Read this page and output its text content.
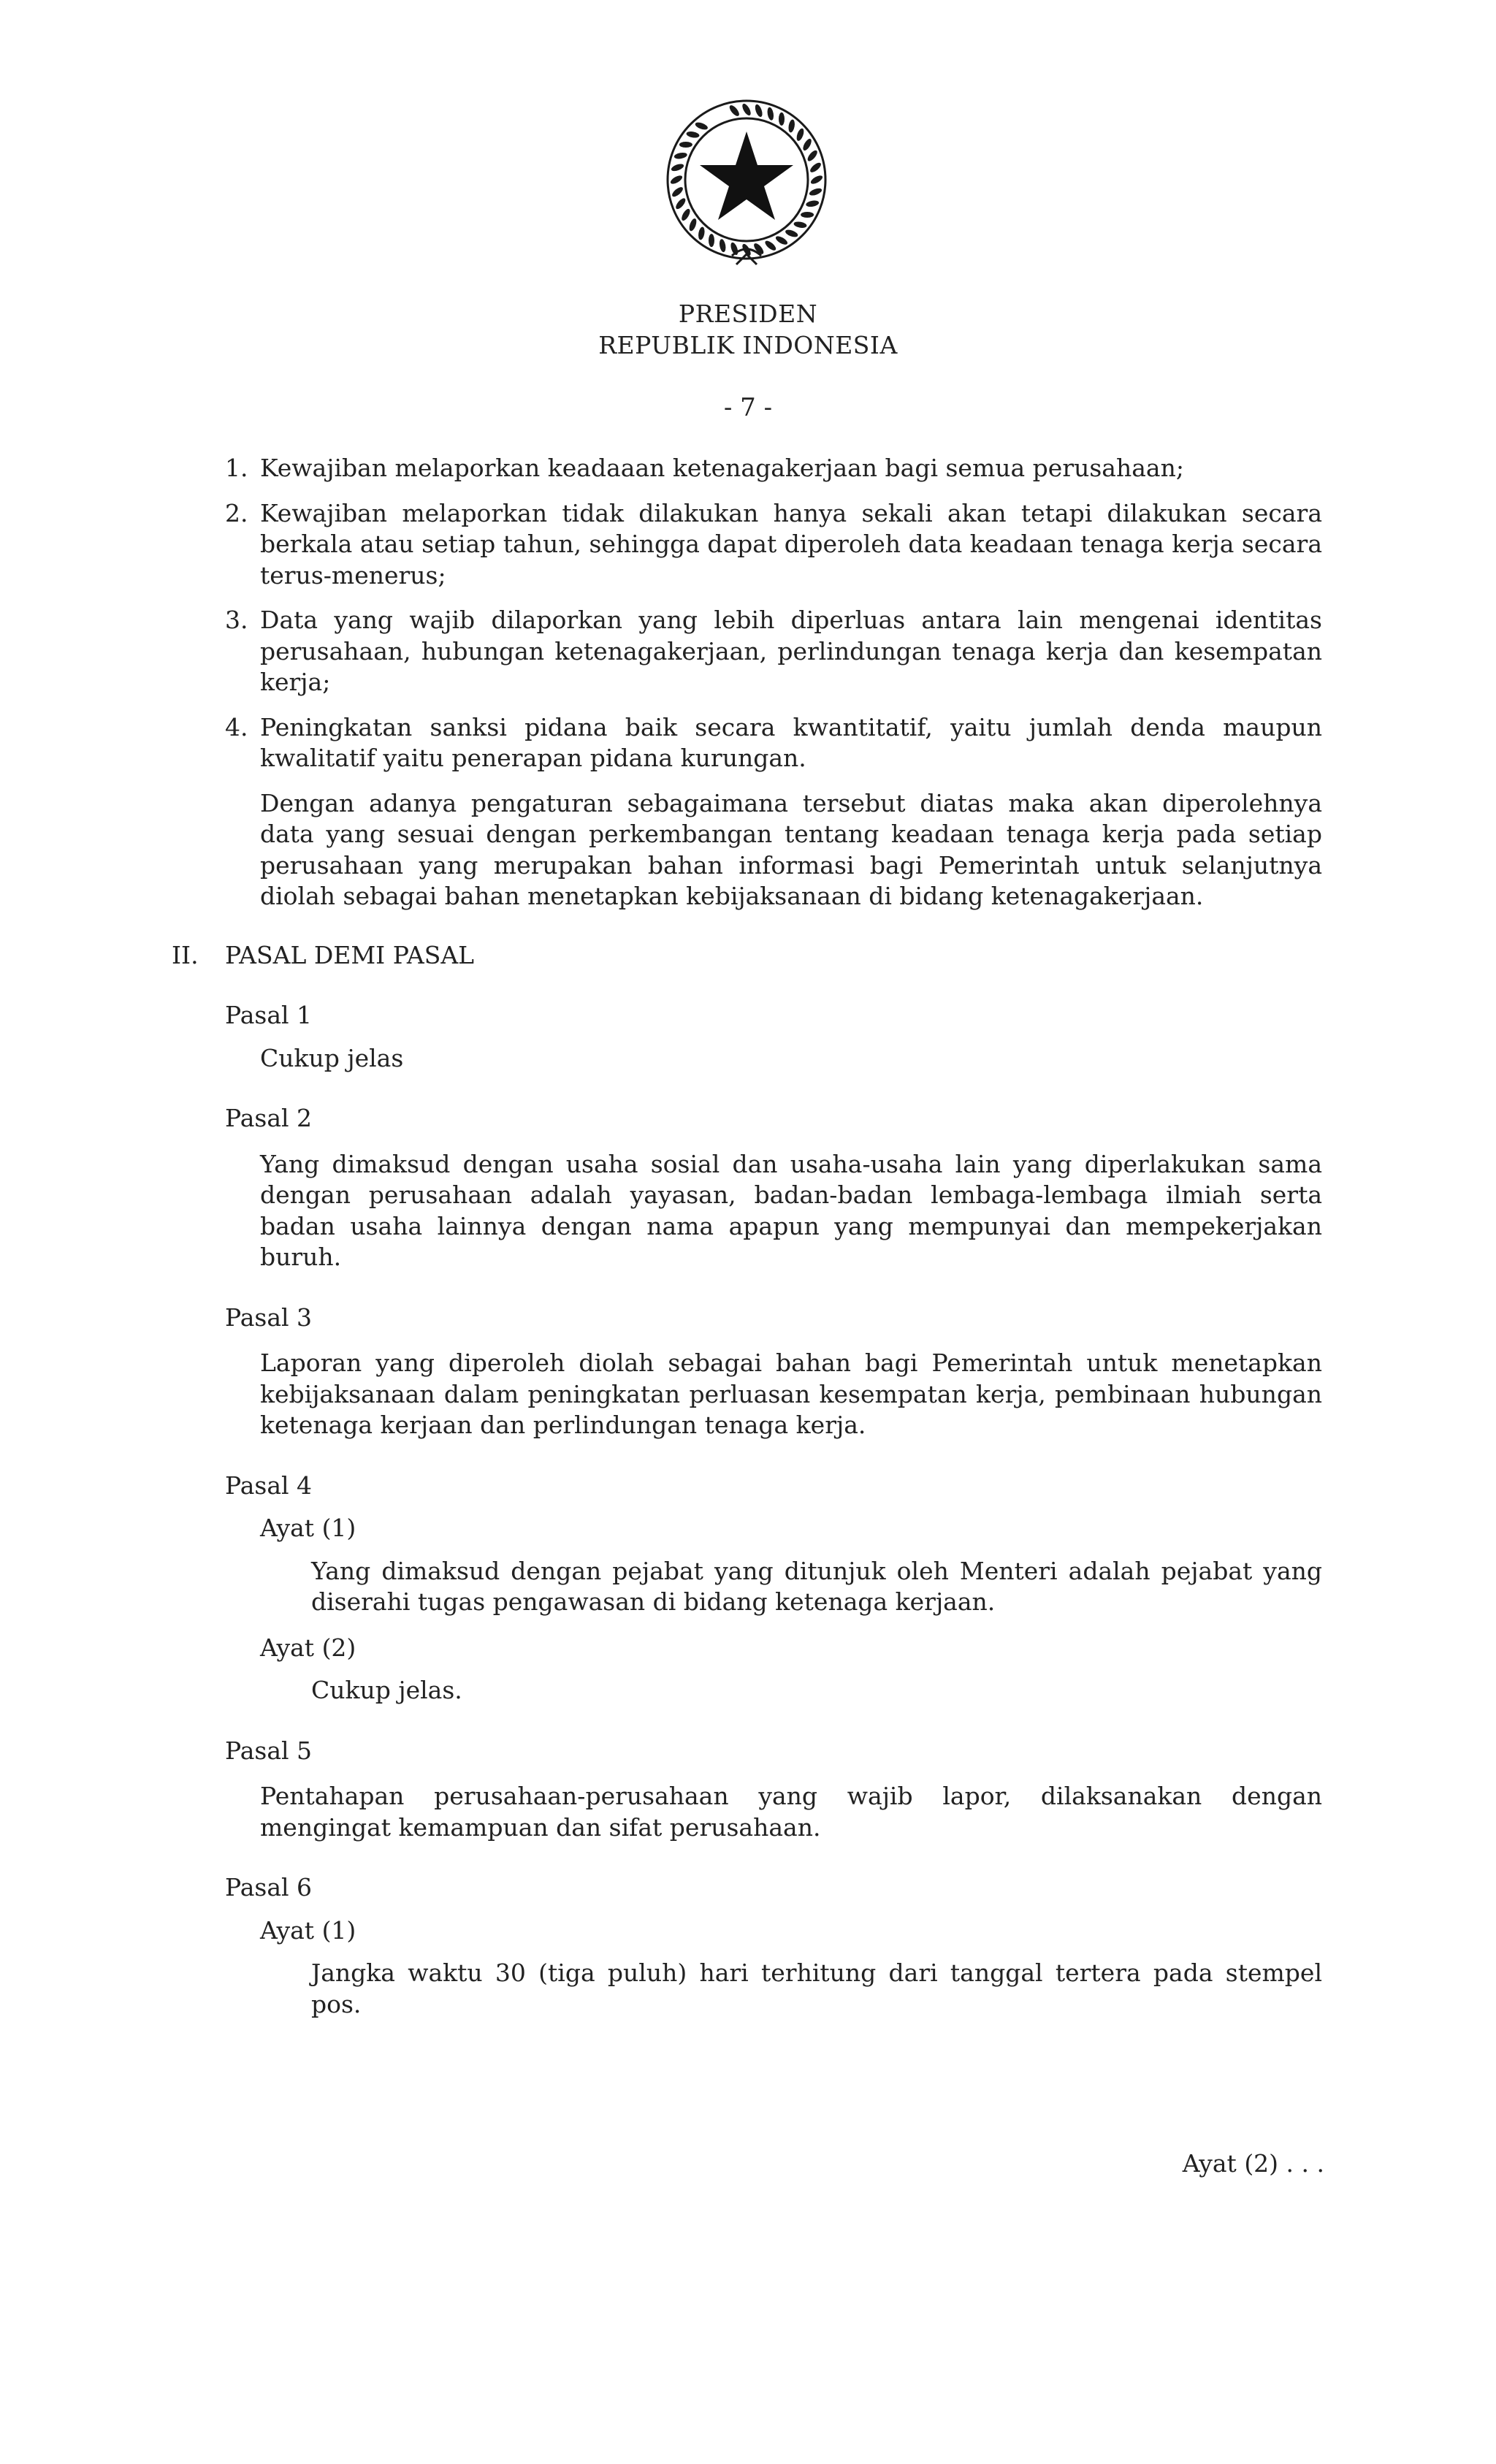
PRESIDEN
REPUBLIK INDONESIA
- 7 -
1. Kewajiban melaporkan keadaaan ketenagakerjaan bagi semua perusahaan;
2. Kewajiban melaporkan tidak dilakukan hanya sekali akan tetapi dilakukan secara berkala atau setiap tahun, sehingga dapat diperoleh data keadaan tenaga kerja secara terus-menerus;
3. Data yang wajib dilaporkan yang lebih diperluas antara lain mengenai identitas perusahaan, hubungan ketenagakerjaan, perlindungan tenaga kerja dan kesempatan kerja;
4. Peningkatan sanksi pidana baik secara kwantitatif, yaitu jumlah denda maupun kwalitatif yaitu penerapan pidana kurungan.
Dengan adanya pengaturan sebagaimana tersebut diatas maka akan diperolehnya data yang sesuai dengan perkembangan tentang keadaan tenaga kerja pada setiap perusahaan yang merupakan bahan informasi bagi Pemerintah untuk selanjutnya diolah sebagai bahan menetapkan kebijaksanaan di bidang ketenagakerjaan.
II. PASAL DEMI PASAL
Pasal 1
Cukup jelas
Pasal 2
Yang dimaksud dengan usaha sosial dan usaha-usaha lain yang diperlakukan sama dengan perusahaan adalah yayasan, badan-badan lembaga-lembaga ilmiah serta badan usaha lainnya dengan nama apapun yang mempunyai dan mempekerjakan buruh.
Pasal 3
Laporan yang diperoleh diolah sebagai bahan bagi Pemerintah untuk menetapkan kebijaksanaan dalam peningkatan perluasan kesempatan kerja, pembinaan hubungan ketenaga kerjaan dan perlindungan tenaga kerja.
Pasal 4
Ayat (1)
Yang dimaksud dengan pejabat yang ditunjuk oleh Menteri adalah pejabat yang diserahi tugas pengawasan di bidang ketenaga kerjaan.
Ayat (2)
Cukup jelas.
Pasal 5
Pentahapan perusahaan-perusahaan yang wajib lapor, dilaksanakan dengan mengingat kemampuan dan sifat perusahaan.
Pasal 6
Ayat (1)
Jangka waktu 30 (tiga puluh) hari terhitung dari tanggal tertera pada stempel pos.
Ayat (2) . . .
